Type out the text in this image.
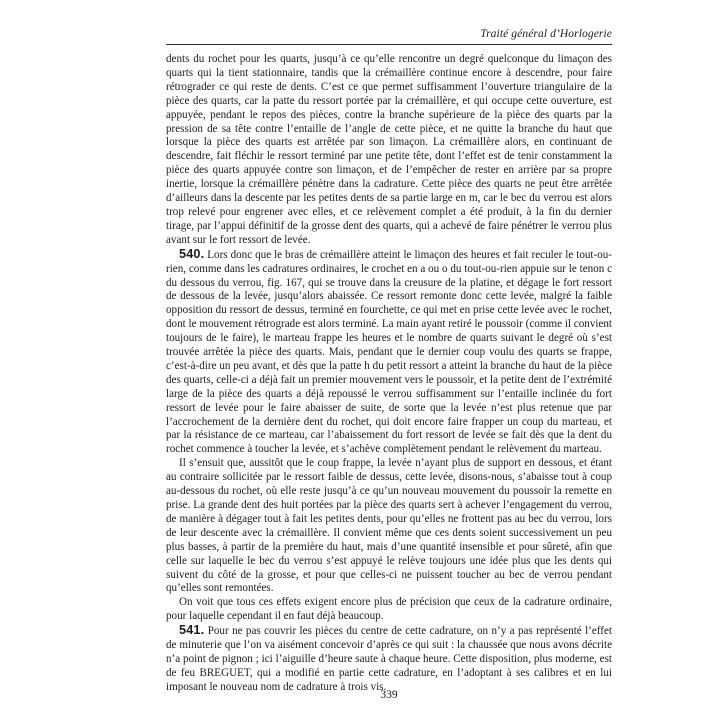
Traité général d’Horlogerie

dents du rochet pour les quarts, jusqu’à ce qu’elle rencontre un degré quelconque du limaçon des quarts qui la tient stationnaire, tandis que la crémaillère continue encore à descendre, pour faire rétrograder ce qui reste de dents. C’est ce que permet suffisamment l’ouverture triangulaire de la pièce des quarts, car la patte du ressort portée par la crémaillère, et qui occupe cette ouverture, est appuyée, pendant le repos des pièces, contre la branche supérieure de la pièce des quarts par la pression de sa tête contre l’entaille de l’angle de cette pièce, et ne quitte la branche du haut que lorsque la pièce des quarts est arrêtée par son limaçon. La crémaillère alors, en continuant de descendre, fait fléchir le ressort terminé par une petite tête, dont l’effet est de tenir constamment la pièce des quarts appuyée contre son limaçon, et de l’empêcher de rester en arrière par sa propre inertie, lorsque la crémaillère pénètre dans la cadrature. Cette pièce des quarts ne peut être arrêtée d’ailleurs dans la descente par les petites dents de sa partie large en m, car le bec du verrou est alors trop relevé pour engrener avec elles, et ce relèvement complet a été produit, à la fin du dernier tirage, par l’appui définitif de la grosse dent des quarts, qui a achevé de faire pénétrer le verrou plus avant sur le fort ressort de levée.

540. Lors donc que le bras de crémaillère atteint le limaçon des heures et fait reculer le tout-ou-rien, comme dans les cadratures ordinaires, le crochet en a ou o du tout-ou-rien appuie sur le tenon c du dessous du verrou, fig. 167, qui se trouve dans la creusure de la platine, et dégage le fort ressort de dessous de la levée, jusqu’alors abaissée. Ce ressort remonte donc cette levée, malgré la faible opposition du ressort de dessus, terminé en fourchette, ce qui met en prise cette levée avec le rochet, dont le mouvement rétrograde est alors terminé. La main ayant retiré le poussoir (comme il convient toujours de le faire), le marteau frappe les heures et le nombre de quarts suivant le degré où s’est trouvée arrêtée la pièce des quarts. Mais, pendant que le dernier coup voulu des quarts se frappe, c’est-à-dire un peu avant, et dès que la patte h du petit ressort a atteint la branche du haut de la pièce des quarts, celle-ci a déjà fait un premier mouvement vers le poussoir, et la petite dent de l’extrémité large de la pièce des quarts a déjà repoussé le verrou suffisamment sur l’entaille inclinée du fort ressort de levée pour le faire abaisser de suite, de sorte que la levée n’est plus retenue que par l’accrochement de la dernière dent du rochet, qui doit encore faire frapper un coup du marteau, et par la résistance de ce marteau, car l’abaissement du fort ressort de levée se fait dès que la dent du rochet commence à toucher la levée, et s’achève complètement pendant le relèvement du marteau.

Il s’ensuit que, aussitôt que le coup frappe, la levée n’ayant plus de support en dessous, et étant au contraire sollicitée par le ressort faible de dessus, cette levée, disons-nous, s’abaisse tout à coup au-dessous du rochet, où elle reste jusqu’à ce qu’un nouveau mouvement du poussoir la remette en prise. La grande dent des huit portées par la pièce des quarts sert à achever l’engagement du verrou, de manière à dégager tout à fait les petites dents, pour qu’elles ne frottent pas au bec du verrou, lors de leur descente avec la crémaillère. Il convient même que ces dents soient successivement un peu plus basses, à partir de la première du haut, mais d’une quantité insensible et pour sûreté, afin que celle sur laquelle le bec du verrou s’est appuyé le relève toujours une idée plus que les dents qui suivent du côté de la grosse, et pour que celles-ci ne puissent toucher au bec de verrou pendant qu’elles sont remontées.

On voit que tous ces effets exigent encore plus de précision que ceux de la cadrature ordinaire, pour laquelle cependant il en faut déjà beaucoup.

541. Pour ne pas couvrir les pièces du centre de cette cadrature, on n’y a pas représenté l’effet de minuterie que l’on va aisément concevoir d’après ce qui suit : la chaussée que nous avons décrite n’a point de pignon ; ici l’aiguille d’heure saute à chaque heure. Cette disposition, plus moderne, est de feu BREGUET, qui a modifié en partie cette cadrature, en l’adoptant à ses calibres et en lui imposant le nouveau nom de cadrature à trois vis.

339
